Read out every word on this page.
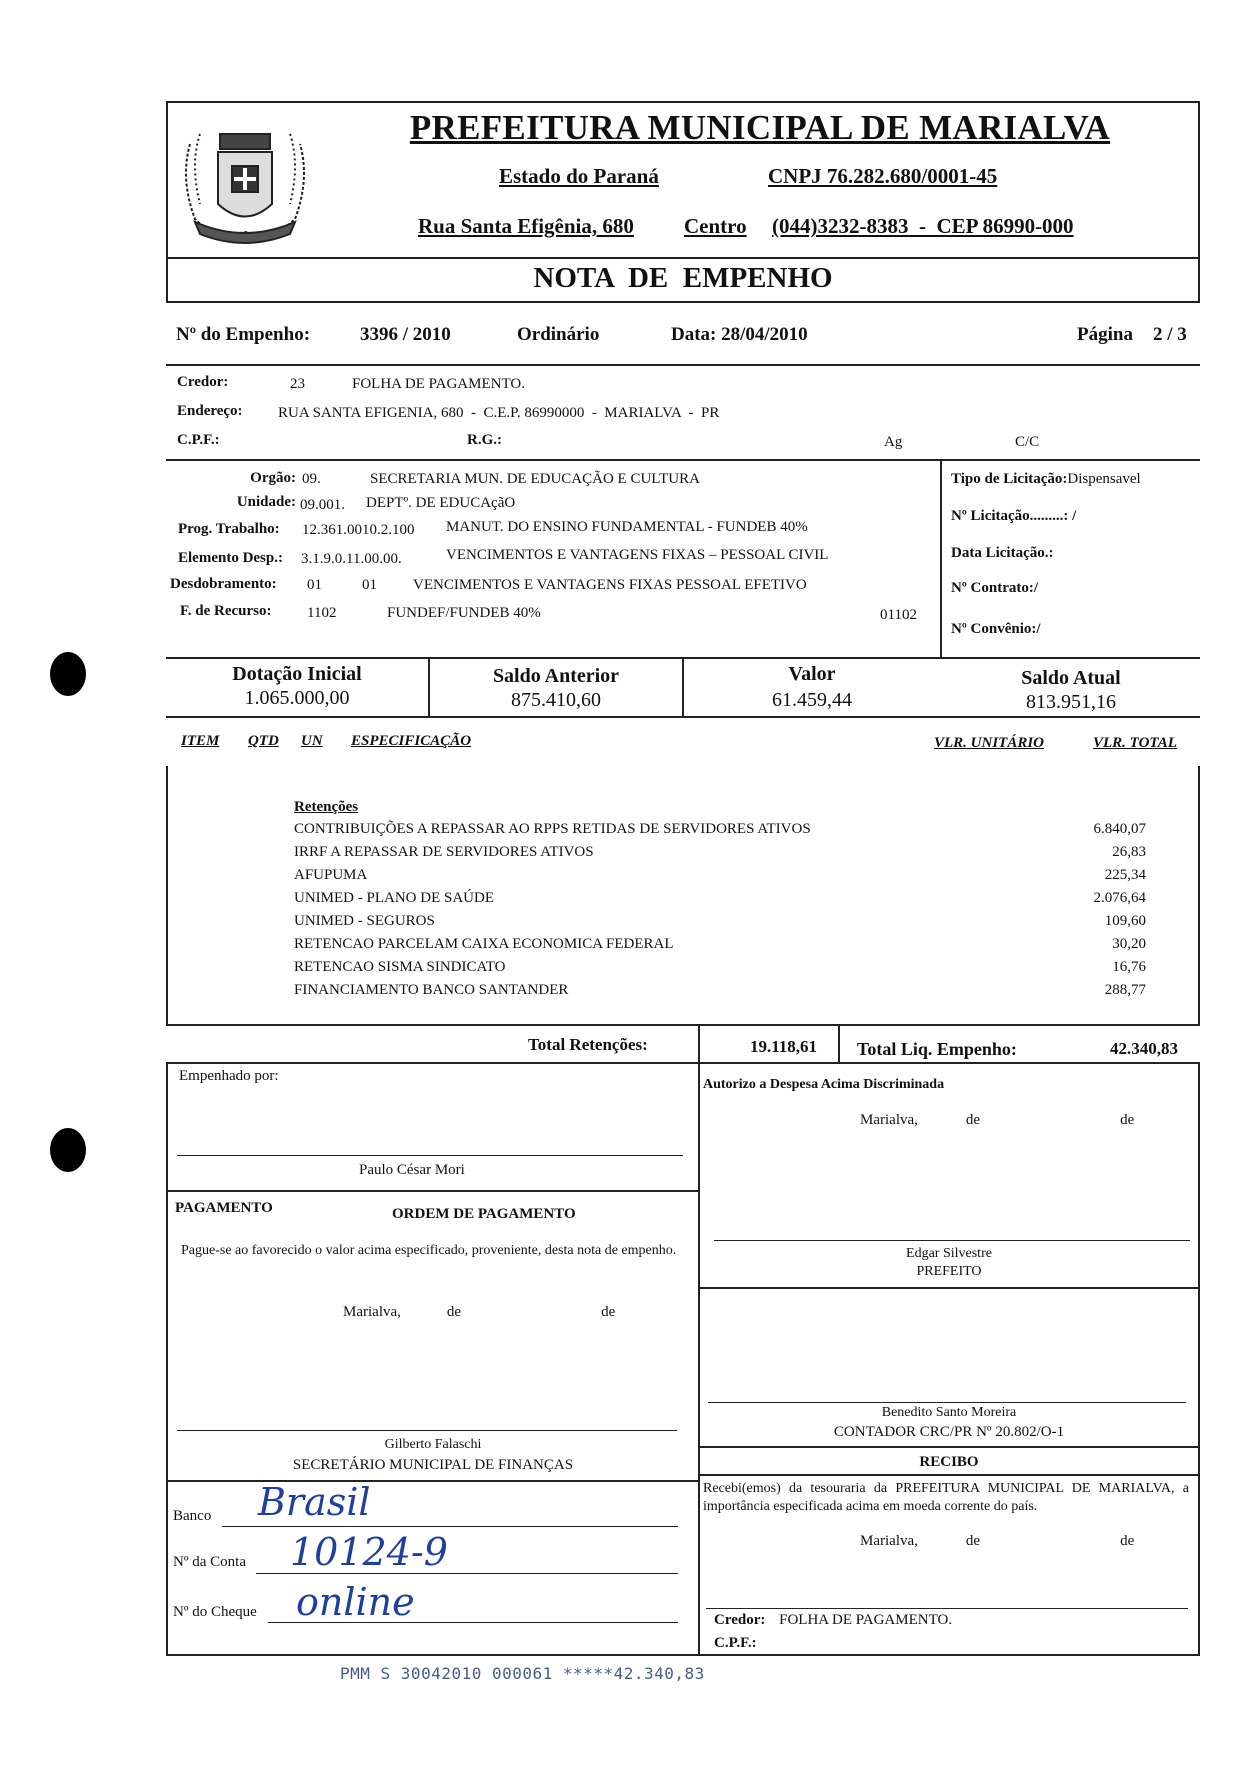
PREFEITURA MUNICIPAL DE MARIALVA
Estado do Paraná	CNPJ 76.282.680/0001-45
Rua Santa Efigênia, 680 Centro (044)3232-8383  -  CEP 86990-000
NOTA  DE  EMPENHO
Nº do Empenho:	3396 / 2010	Ordinário	Data: 28/04/2010	Página 2 / 3
Credor:	23	FOLHA DE PAGAMENTO.
Endereço: RUA SANTA EFIGENIA, 680  -  C.E.P. 86990000  -  MARIALVA  -  PR
C.P.F.:	R.G.:	Ag	C/C
Orgão: 09.	SECRETARIA MUN. DE EDUCAÇÃO E CULTURA
Unidade: 09.001. DEPTº. DE EDUCAçãO
Prog. Trabalho: 12.361.0010.2.100 MANUT. DO ENSINO FUNDAMENTAL - FUNDEB 40%
Elemento Desp.: 3.1.9.0.11.00.00.	VENCIMENTOS E VANTAGENS FIXAS – PESSOAL CIVIL
Desdobramento: 01	01 VENCIMENTOS E VANTAGENS FIXAS PESSOAL EFETIVO
F. de Recurso: 1102	FUNDEF/FUNDEB 40%	01102
Tipo de Licitação:Dispensavel
Nº Licitação.........: /
Data Licitação.:
Nº Contrato:/
Nº Convênio:/
Dotação Inicial
1.065.000,00
Saldo Anterior
875.410,60
Valor
61.459,44
Saldo Atual
813.951,16
ITEM QTD UN ESPECIFICAÇÃO	VLR. UNITÁRIO	VLR. TOTAL
Retenções
CONTRIBUIÇÕES A REPASSAR AO RPPS RETIDAS DE SERVIDORES ATIVOS	6.840,07
IRRF A REPASSAR DE SERVIDORES ATIVOS	26,83
AFUPUMA	225,34
UNIMED - PLANO DE SAÚDE	2.076,64
UNIMED - SEGUROS	109,60
RETENCAO PARCELAM CAIXA ECONOMICA FEDERAL	30,20
RETENCAO SISMA SINDICATO	16,76
FINANCIAMENTO BANCO SANTANDER	288,77
Total Retenções:	19.118,61 Total Liq. Empenho:	42.340,83
Empenhado por:
Paulo César Mori
PAGAMENTO	ORDEM DE PAGAMENTO
Pague-se ao favorecido o valor acima especificado, proveniente, desta nota de empenho.
Marialva,	de	de
Gilberto Falaschi
SECRETÁRIO MUNICIPAL DE FINANÇAS
Banco Brasil
Nº da Conta 10124-9
Nº do Cheque online
Autorizo a Despesa Acima Discriminada
Marialva,	de	de
Edgar Silvestre
PREFEITO
Benedito Santo Moreira
CONTADOR CRC/PR Nº 20.802/O-1
RECIBO
Recebi(emos) da tesouraria da PREFEITURA MUNICIPAL DE MARIALVA, a importância especificada acima em moeda corrente do país.
Marialva,	de	de
Credor: FOLHA DE PAGAMENTO.
C.P.F.:
PMM S 30042010 000061 *****42.340,83
